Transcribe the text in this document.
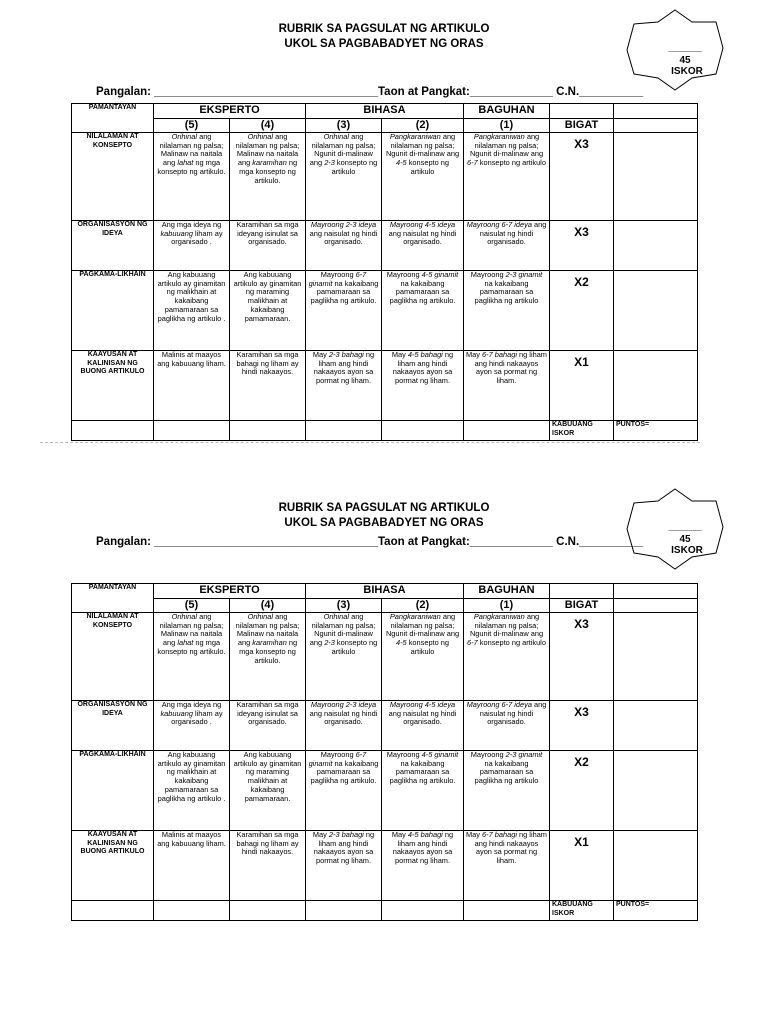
RUBRIK SA PAGSULAT NG ARTIKULO
UKOL SA PAGBABADYET NG ORAS	______
45
ISKOR
Pangalan: ___________________________________Taon at Pangkat:_____________ C.N.__________
PAMANTAYAN	EKSPERTO		BIHASA		BAGUHAN		
	(5)	(4)	(3)	(2)	(1)	BIGAT	
NILALAMAN AT KONSEPTO	Orihinal ang nilalaman ng palsa; Malinaw na naitala ang lahat ng mga konsepto ng artikulo.	Orihinal ang nilalaman ng palsa; Malinaw na naitala ang karamihan ng mga konsepto ng artikulo.	Orihinal ang nilalaman ng palsa; Ngunit di-malinaw ang 2-3 konsepto ng artikulo	Pangkaraniwan ang nilalaman ng palsa; Ngunit di-malinaw ang 4-5 konsepto ng artikulo	Pangkaraniwan ang nilalaman ng palsa; Ngunit di-malinaw ang 6-7 konsepto ng artikulo	X3	
ORGANISASYON NG IDEYA	Ang mga ideya ng kabuuang liham ay organisado .	Karamihan sa mga ideyang isinulat sa organisado.	Mayroong 2-3 ideya ang naisulat ng hindi organisado.	Mayroong 4-5 ideya ang naisulat ng hindi organisado.	Mayroong 6-7 ideya ang naisulat ng hindi organisado.	X3	
PAGKAMA-LIKHAIN	Ang kabuuang artikulo ay ginamitan ng malikhain at kakaibang pamamaraan sa paglikha ng artikulo .	Ang kabuuang artikulo ay ginamitan ng maraming malikhain at kakaibang pamamaraan.	Mayroong 6-7 ginamit na kakaibang pamamaraan sa paglikha ng artikulo.	Mayroong 4-5 ginamit na kakaibang pamamaraan sa paglikha ng artikulo.	Mayroong 2-3 ginamit na kakaibang pamamaraan sa paglikha ng artikulo	X2	
KAAYUSAN AT KALINISAN NG BUONG ARTIKULO	Malinis at maayos ang kabuuang liham.	Karamihan sa mga bahagi ng liham ay hindi nakaayos.	May 2-3 bahagi ng liham ang hindi nakaayos ayon sa pormat ng liham.	May 4-5 bahagi ng liham ang hindi nakaayos ayon sa pormat ng liham.	May 6-7 bahagi ng liham ang hindi nakaayos ayon sa pormat ng liham.	X1	
						KABUUANG ISKOR	PUNTOS=
RUBRIK SA PAGSULAT NG ARTIKULO
UKOL SA PAGBABADYET NG ORAS	______
45
ISKOR
Pangalan: ___________________________________Taon at Pangkat:_____________ C.N.__________
PAMANTAYAN	EKSPERTO		BIHASA		BAGUHAN		
	(5)	(4)	(3)	(2)	(1)	BIGAT	
NILALAMAN AT KONSEPTO	Orihinal ang nilalaman ng palsa; Malinaw na naitala ang lahat ng mga konsepto ng artikulo.	Orihinal ang nilalaman ng palsa; Malinaw na naitala ang karamihan ng mga konsepto ng artikulo.	Orihinal ang nilalaman ng palsa; Ngunit di-malinaw ang 2-3 konsepto ng artikulo	Pangkaraniwan ang nilalaman ng palsa; Ngunit di-malinaw ang 4-5 konsepto ng artikulo	Pangkaraniwan ang nilalaman ng palsa; Ngunit di-malinaw ang 6-7 konsepto ng artikulo	X3	
ORGANISASYON NG IDEYA	Ang mga ideya ng kabuuang liham ay organisado .	Karamihan sa mga ideyang isinulat sa organisado.	Mayroong 2-3 ideya ang naisulat ng hindi organisado.	Mayroong 4-5 ideya ang naisulat ng hindi organisado.	Mayroong 6-7 ideya ang naisulat ng hindi organisado.	X3	
PAGKAMA-LIKHAIN	Ang kabuuang artikulo ay ginamitan ng malikhain at kakaibang pamamaraan sa paglikha ng artikulo .	Ang kabuuang artikulo ay ginamitan ng maraming malikhain at kakaibang pamamaraan.	Mayroong 6-7 ginamit na kakaibang pamamaraan sa paglikha ng artikulo.	Mayroong 4-5 ginamit na kakaibang pamamaraan sa paglikha ng artikulo.	Mayroong 2-3 ginamit na kakaibang pamamaraan sa paglikha ng artikulo	X2	
KAAYUSAN AT KALINISAN NG BUONG ARTIKULO	Malinis at maayos ang kabuuang liham.	Karamihan sa mga bahagi ng liham ay hindi nakaayos.	May 2-3 bahagi ng liham ang hindi nakaayos ayon sa pormat ng liham.	May 4-5 bahagi ng liham ang hindi nakaayos ayon sa pormat ng liham.	May 6-7 bahagi ng liham ang hindi nakaayos ayon sa pormat ng liham.	X1	
						KABUUANG ISKOR	PUNTOS=
